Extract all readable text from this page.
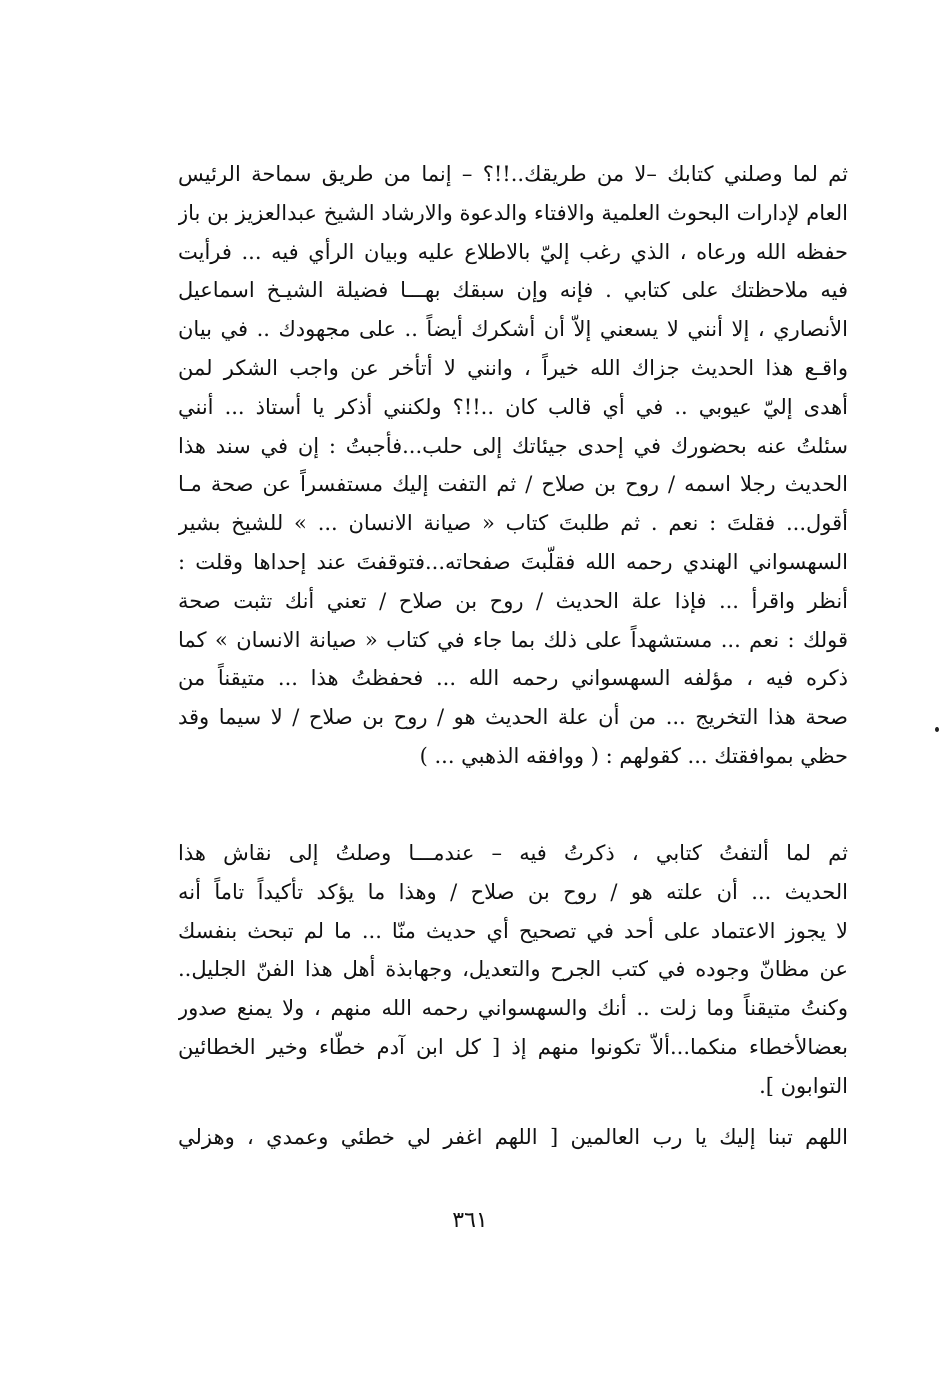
ثم لما وصلني كتابك –لا من طريقك..!!؟ – إنما من طريق سماحة الرئيس
العام لإدارات البحوث العلمية والافتاء والدعوة والارشاد الشيخ عبدالعزيز بن باز
حفظه الله ورعاه ، الذي رغب إليّ بالاطلاع عليه وبيان الرأي فيه ... فرأيت
فيه ملاحظتك على كتابي . فإنه وإن سبقك بهـــا فضيلة الشيـخ اسماعيل
الأنصاري ، إلا أنني لا يسعني إلاّ أن أشكرك أيضاً .. على مجهودك .. في بيان
واقـع هذا الحديث جزاك الله خيراً ، وانني لا أتأخر عن واجب الشكر لمن
أهدى إليّ عيوبي .. في أي قالب كان ..!!؟ ولكنني أذكر يا أستاذ ... أنني
سئلتُ عنه بحضورك في إحدى جيئاتك إلى حلب...فأجبتُ : إن في سند هذا
الحديث رجلا اسمه / روح بن صلاح / ثم التفت إليك مستفسراً عن صحة مـا
أقول... فقلتَ : نعم . ثم طلبتَ كتاب « صيانة الانسان ... » للشيخ بشير
السهسواني الهندي رحمه الله فقلّبتَ صفحاته...فتوقفتَ عند إحداها وقلت :
أنظر واقرأ ... فإذا علة الحديث / روح بن صلاح / تعني أنك تثبت صحة
قولك : نعم ... مستشهداً على ذلك بما جاء في كتاب « صيانة الانسان » كما
ذكره فيه ، مؤلفه السهسواني رحمه الله ... فحفظتُ هذا ... متيقناً من
صحة هذا التخريج ... من أن علة الحديث هو / روح بن صلاح / لا سيما وقد
حظي بموافقتك ... كقولهم : ( ووافقه الذهبي ... )
ثم لما ألتفتُ كتابي ، ذكرتُ فيه – عندمـــا وصلتُ إلى نقاش هذا
الحديث ... أن علته هو / روح بن صلاح / وهذا ما يؤكد تأكيداً تاماً أنه
لا يجوز الاعتماد على أحد في تصحيح أي حديث منّا ... ما لم تبحث بنفسك
عن مظانّ وجوده في كتب الجرح والتعديل، وجهابذة أهل هذا الفنّ الجليل..
وكنتُ متيقناً وما زلت .. أنك والسهسواني رحمه الله منهم ، ولا يمنع صدور
بعضالأخطاء منكما...ألاّ تكونوا منهم إذ [ كل ابن آدم خطّاء وخير الخطائين
التوابون ].
اللهم تبنا إليك يا رب العالمين [ اللهم اغفر لي خطئي وعمدي ، وهزلي
٣٦١
